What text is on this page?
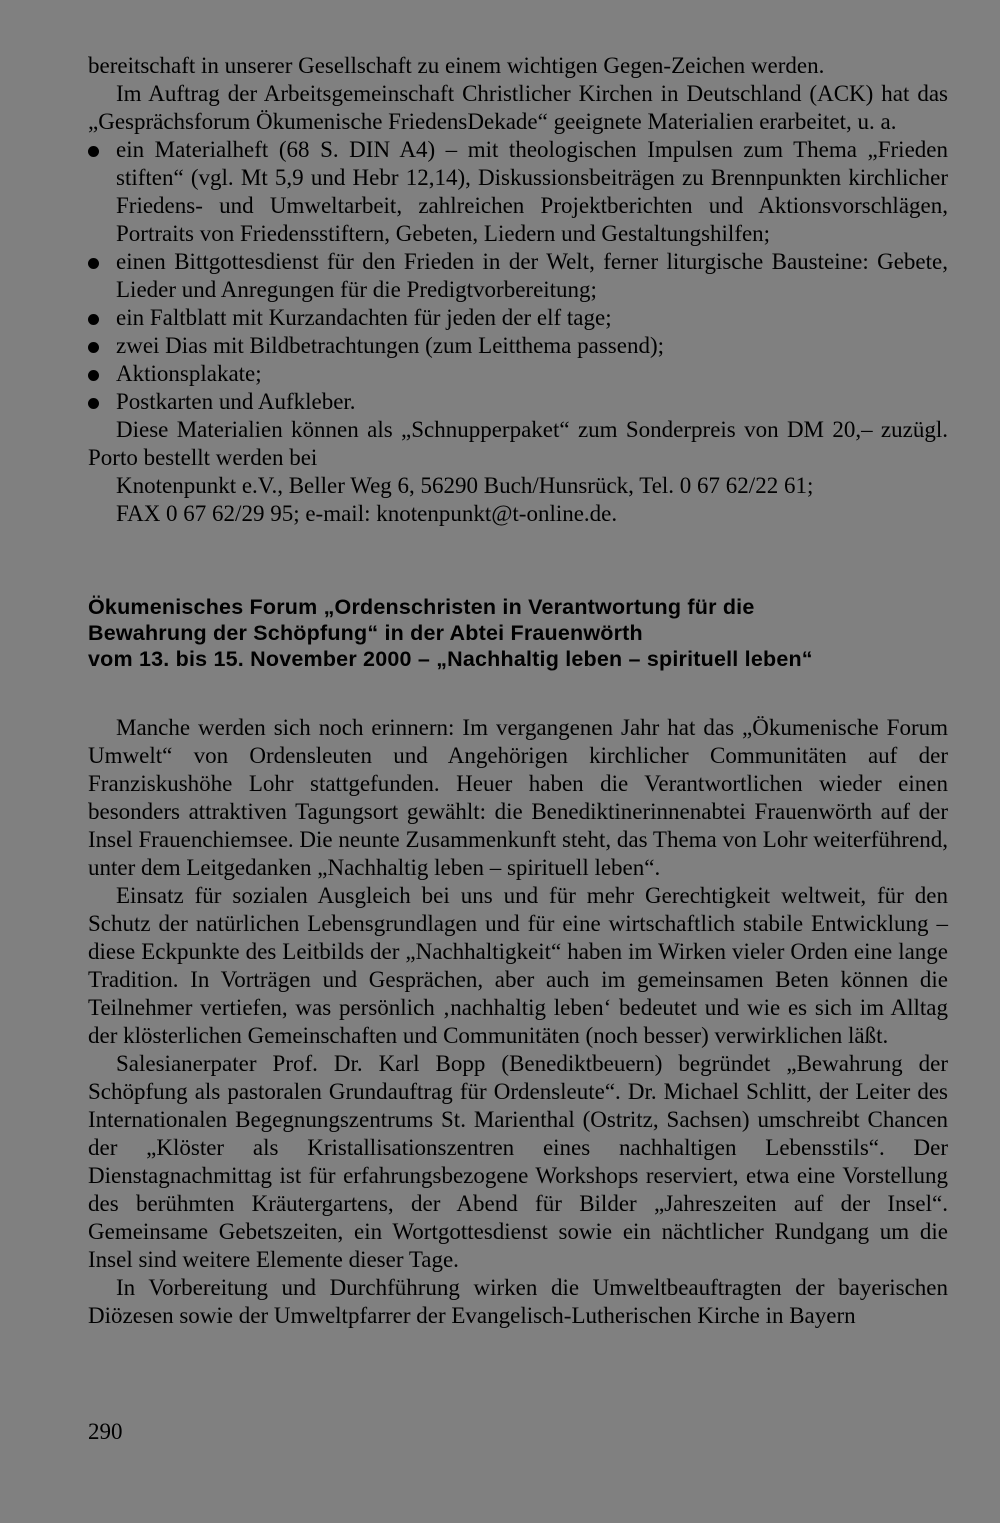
bereitschaft in unserer Gesellschaft zu einem wichtigen Gegen-Zeichen werden.

Im Auftrag der Arbeitsgemeinschaft Christlicher Kirchen in Deutschland (ACK) hat das „Gesprächsforum Ökumenische FriedensDekade“ geeignete Materialien erarbeitet, u. a.

ein Materialheft (68 S. DIN A4) – mit theologischen Impulsen zum Thema „Frieden stiften“ (vgl. Mt 5,9 und Hebr 12,14), Diskussionsbeiträgen zu Brennpunkten kirchlicher Friedens- und Umweltarbeit, zahlreichen Projektberichten und Aktionsvorschlägen, Portraits von Friedensstiftern, Gebeten, Liedern und Gestaltungshilfen;
einen Bittgottesdienst für den Frieden in der Welt, ferner liturgische Bausteine: Gebete, Lieder und Anregungen für die Predigtvorbereitung;
ein Faltblatt mit Kurzandachten für jeden der elf tage;
zwei Dias mit Bildbetrachtungen (zum Leitthema passend);
Aktionsplakate;
Postkarten und Aufkleber.

Diese Materialien können als „Schnupperpaket“ zum Sonderpreis von DM 20,– zuzügl. Porto bestellt werden bei

Knotenpunkt e.V., Beller Weg 6, 56290 Buch/Hunsrück, Tel. 0 67 62/22 61;

FAX 0 67 62/29 95; e-mail: knotenpunkt@t-online.de.

Ökumenisches Forum „Ordenschristen in Verantwortung für die
Bewahrung der Schöpfung“ in der Abtei Frauenwörth
vom 13. bis 15. November 2000 – „Nachhaltig leben – spirituell leben“

Manche werden sich noch erinnern: Im vergangenen Jahr hat das „Ökumenische Forum Umwelt“ von Ordensleuten und Angehörigen kirchlicher Communitäten auf der Franziskushöhe Lohr stattgefunden. Heuer haben die Verantwortlichen wieder einen besonders attraktiven Tagungsort gewählt: die Benediktinerinnenabtei Frauenwörth auf der Insel Frauenchiemsee. Die neunte Zusammenkunft steht, das Thema von Lohr weiterführend, unter dem Leitgedanken „Nachhaltig leben – spirituell leben“.

Einsatz für sozialen Ausgleich bei uns und für mehr Gerechtigkeit weltweit, für den Schutz der natürlichen Lebensgrundlagen und für eine wirtschaftlich stabile Entwicklung – diese Eckpunkte des Leitbilds der „Nachhaltigkeit“ haben im Wirken vieler Orden eine lange Tradition. In Vorträgen und Gesprächen, aber auch im gemeinsamen Beten können die Teilnehmer vertiefen, was persönlich ‚nachhaltig leben‘ bedeutet und wie es sich im Alltag der klösterlichen Gemeinschaften und Communitäten (noch besser) verwirklichen läßt.

Salesianerpater Prof. Dr. Karl Bopp (Benediktbeuern) begründet „Bewahrung der Schöpfung als pastoralen Grundauftrag für Ordensleute“. Dr. Michael Schlitt, der Leiter des Internationalen Begegnungszentrums St. Marienthal (Ostritz, Sachsen) umschreibt Chancen der „Klöster als Kristallisationszentren eines nachhaltigen Lebensstils“. Der Dienstagnachmittag ist für erfahrungsbezogene Workshops reserviert, etwa eine Vorstellung des berühmten Kräutergartens, der Abend für Bilder „Jahreszeiten auf der Insel“. Gemeinsame Gebetszeiten, ein Wortgottesdienst sowie ein nächtlicher Rundgang um die Insel sind weitere Elemente dieser Tage.

In Vorbereitung und Durchführung wirken die Umweltbeauftragten der bayerischen Diözesen sowie der Umweltpfarrer der Evangelisch-Lutherischen Kirche in Bayern

290
